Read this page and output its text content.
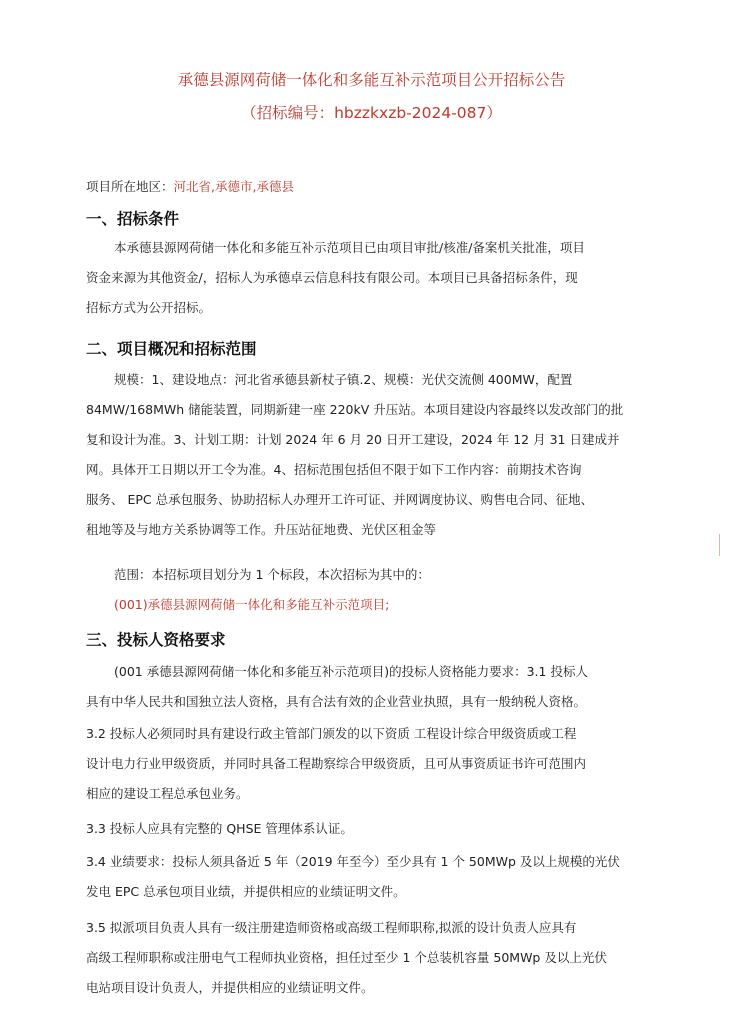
承德县源网荷储一体化和多能互补示范项目公开招标公告
（招标编号：hbzzkxzb-2024-087）
项目所在地区：河北省,承德市,承德县
一、招标条件
本承德县源网荷储一体化和多能互补示范项目已由项目审批/核准/备案机关批准，项目
资金来源为其他资金/，招标人为承德卓云信息科技有限公司。本项目已具备招标条件，现
招标方式为公开招标。
二、项目概况和招标范围
规模：1、建设地点：河北省承德县新杖子镇.2、规模：光伏交流侧 400MW，配置
84MW/168MWh 储能装置，同期新建一座 220kV 升压站。本项目建设内容最终以发改部门的批
复和设计为准。3、计划工期：计划 2024 年 6 月 20 日开工建设，2024 年 12 月 31 日建成并
网。具体开工日期以开工令为准。4、招标范围包括但不限于如下工作内容：前期技术咨询
服务、 EPC 总承包服务、协助招标人办理开工许可证、并网调度协议、购售电合同、征地、
租地等及与地方关系协调等工作。升压站征地费、光伏区租金等
范围：本招标项目划分为 1 个标段，本次招标为其中的：
(001)承德县源网荷储一体化和多能互补示范项目;
三、投标人资格要求
(001 承德县源网荷储一体化和多能互补示范项目)的投标人资格能力要求：3.1 投标人
具有中华人民共和国独立法人资格，具有合法有效的企业营业执照，具有一般纳税人资格。
3.2 投标人必须同时具有建设行政主管部门颁发的以下资质 工程设计综合甲级资质或工程
设计电力行业甲级资质，并同时具备工程勘察综合甲级资质，且可从事资质证书许可范围内
相应的建设工程总承包业务。
3.3 投标人应具有完整的 QHSE 管理体系认证。
3.4 业绩要求：投标人须具备近 5 年（2019 年至今）至少具有 1 个 50MWp 及以上规模的光伏
发电 EPC 总承包项目业绩，并提供相应的业绩证明文件。
3.5 拟派项目负责人具有一级注册建造师资格或高级工程师职称,拟派的设计负责人应具有
高级工程师职称或注册电气工程师执业资格，担任过至少 1 个总装机容量 50MWp 及以上光伏
电站项目设计负责人，并提供相应的业绩证明文件。
